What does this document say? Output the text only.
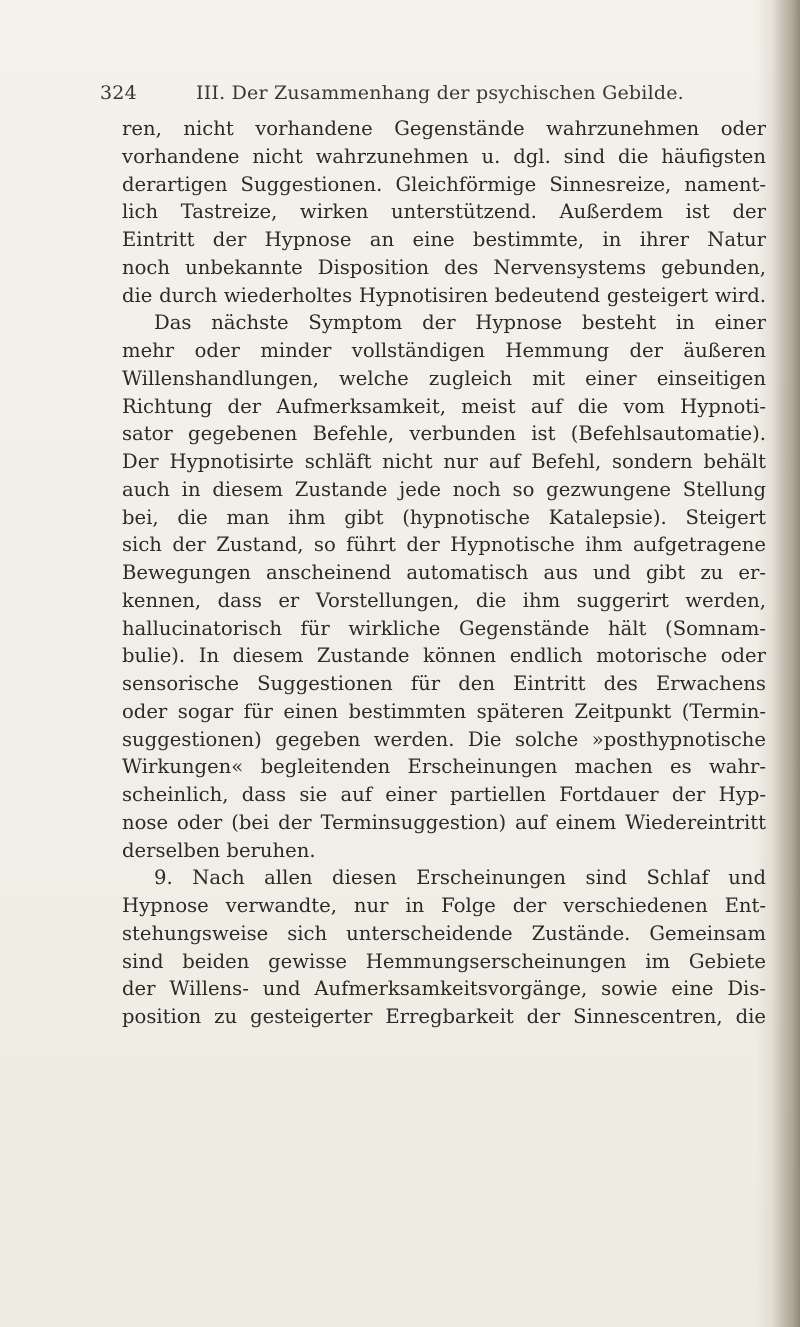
324	III. Der Zusammenhang der psychischen Gebilde.
ren, nicht vorhandene Gegenstände wahrzunehmen oder
vorhandene nicht wahrzunehmen u. dgl. sind die häufigsten
derartigen Suggestionen. Gleichförmige Sinnesreize, nament-
lich Tastreize, wirken unterstützend. Außerdem ist der
Eintritt der Hypnose an eine bestimmte, in ihrer Natur
noch unbekannte Disposition des Nervensystems gebunden,
die durch wiederholtes Hypnotisiren bedeutend gesteigert wird.
Das nächste Symptom der Hypnose besteht in einer
mehr oder minder vollständigen Hemmung der äußeren
Willenshandlungen, welche zugleich mit einer einseitigen
Richtung der Aufmerksamkeit, meist auf die vom Hypnoti-
sator gegebenen Befehle, verbunden ist (Befehlsautomatie).
Der Hypnotisirte schläft nicht nur auf Befehl, sondern behält
auch in diesem Zustande jede noch so gezwungene Stellung
bei, die man ihm gibt (hypnotische Katalepsie). Steigert
sich der Zustand, so führt der Hypnotische ihm aufgetragene
Bewegungen anscheinend automatisch aus und gibt zu er-
kennen, dass er Vorstellungen, die ihm suggerirt werden,
hallucinatorisch für wirkliche Gegenstände hält (Somnam-
bulie). In diesem Zustande können endlich motorische oder
sensorische Suggestionen für den Eintritt des Erwachens
oder sogar für einen bestimmten späteren Zeitpunkt (Termin-
suggestionen) gegeben werden. Die solche »posthypnotische
Wirkungen« begleitenden Erscheinungen machen es wahr-
scheinlich, dass sie auf einer partiellen Fortdauer der Hyp-
nose oder (bei der Terminsuggestion) auf einem Wiedereintritt
derselben beruhen.
9. Nach allen diesen Erscheinungen sind Schlaf und
Hypnose verwandte, nur in Folge der verschiedenen Ent-
stehungsweise sich unterscheidende Zustände. Gemeinsam
sind beiden gewisse Hemmungserscheinungen im Gebiete
der Willens- und Aufmerksamkeitsvorgänge, sowie eine Dis-
position zu gesteigerter Erregbarkeit der Sinnescentren, die
